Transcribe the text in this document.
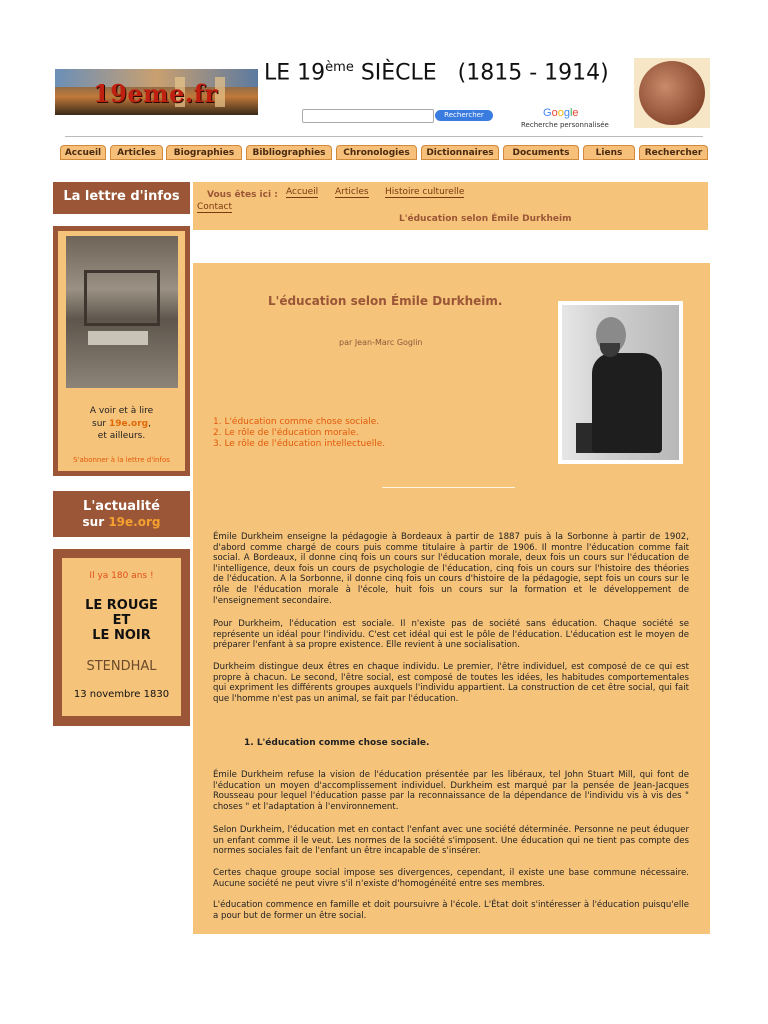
19eme.fr
LE 19ème SIÈCLE   (1815 - 1914)
Rechercher	Google
Recherche personnalisée
Accueil	Articles	Biographies	Bibliographies	Chronologies	Dictionnaires	Documents	Liens	Rechercher
La lettre d'infos
A voir et à lire
sur 19e.org,
et ailleurs.
S'abonner à la lettre d'infos
L'actualité
sur 19e.org
Il ya 180 ans !
LE ROUGE
ET
LE NOIR
STENDHAL
13 novembre 1830
Vous êtes ici : Accueil Articles Histoire culturelle
Contact
L'éducation selon Émile Durkheim
L'éducation selon Émile Durkheim.
par Jean-Marc Goglin
1. L'éducation comme chose sociale.
2. Le rôle de l'éducation morale.
3. Le rôle de l'éducation intellectuelle.
Émile Durkheim enseigne la pédagogie à Bordeaux à partir de 1887 puis à la Sorbonne à partir de 1902, d'abord comme chargé de cours puis comme titulaire à partir de 1906. Il montre l'éducation comme fait social. A Bordeaux, il donne cinq fois un cours sur l'éducation morale, deux fois un cours sur l'éducation de l'intelligence, deux fois un cours de psychologie de l'éducation, cinq fois un cours sur l'histoire des théories de l'éducation. A la Sorbonne, il donne cinq fois un cours d'histoire de la pédagogie, sept fois un cours sur le rôle de l'éducation morale à l'école, huit fois un cours sur la formation et le développement de l'enseignement secondaire.
Pour Durkheim, l'éducation est sociale. Il n'existe pas de société sans éducation. Chaque société se représente un idéal pour l'individu. C'est cet idéal qui est le pôle de l'éducation. L'éducation est le moyen de préparer l'enfant à sa propre existence. Elle revient à une socialisation.
Durkheim distingue deux êtres en chaque individu. Le premier, l'être individuel, est composé de ce qui est propre à chacun. Le second, l'être social, est composé de toutes les idées, les habitudes comportementales qui expriment les différents groupes auxquels l'individu appartient. La construction de cet être social, qui fait que l'homme n'est pas un animal, se fait par l'éducation.
1. L'éducation comme chose sociale.
Émile Durkheim refuse la vision de l'éducation présentée par les libéraux, tel John Stuart Mill, qui font de l'éducation un moyen d'accomplissement individuel. Durkheim est marqué par la pensée de Jean-Jacques Rousseau pour lequel l'éducation passe par la reconnaissance de la dépendance de l'individu vis à vis des " choses " et l'adaptation à l'environnement.
Selon Durkheim, l'éducation met en contact l'enfant avec une société déterminée. Personne ne peut éduquer un enfant comme il le veut. Les normes de la société s'imposent. Une éducation qui ne tient pas compte des normes sociales fait de l'enfant un être incapable de s'insérer.
Certes chaque groupe social impose ses divergences, cependant, il existe une base commune nécessaire. Aucune société ne peut vivre s'il n'existe d'homogénéité entre ses membres.
L'éducation commence en famille et doit poursuivre à l'école. L'État doit s'intéresser à l'éducation puisqu'elle a pour but de former un être social.
